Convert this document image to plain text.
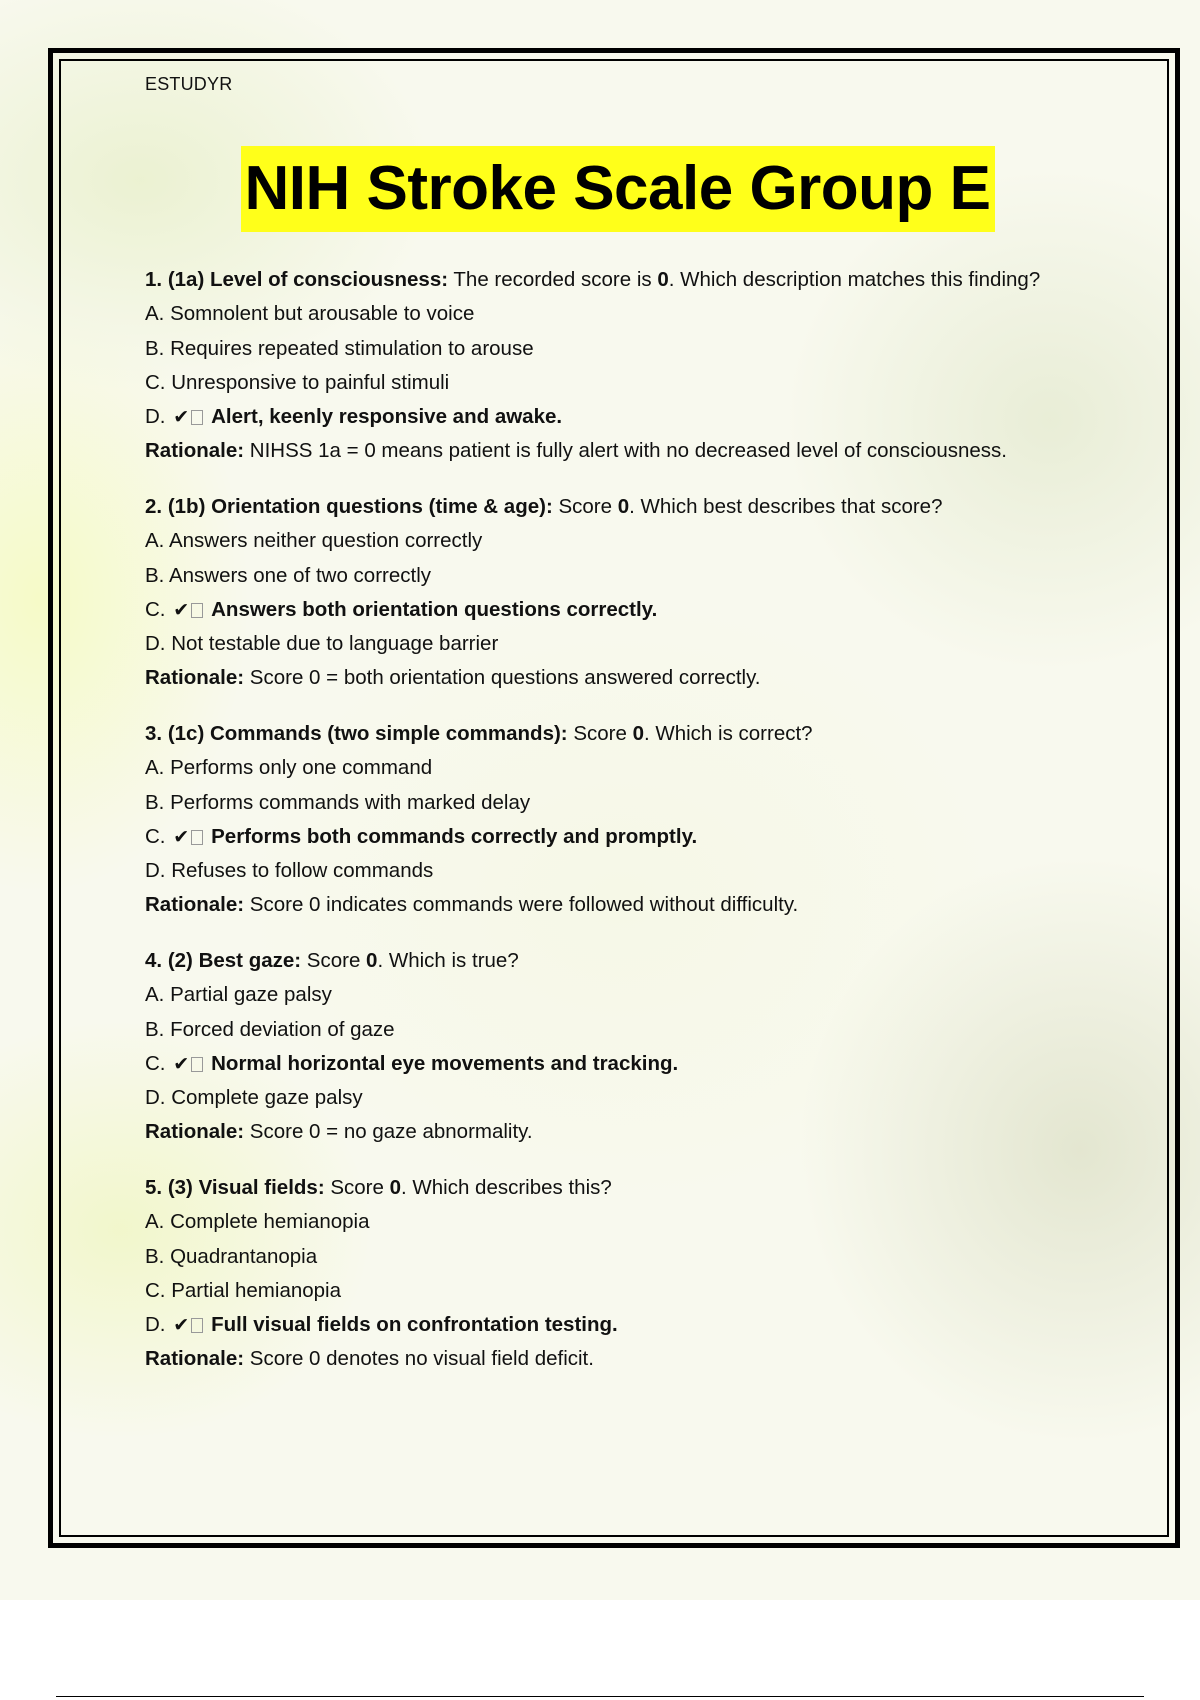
ESTUDYR
NIH Stroke Scale Group E
1. (1a) Level of consciousness: The recorded score is 0. Which description matches this finding?
A. Somnolent but arousable to voice
B. Requires repeated stimulation to arouse
C. Unresponsive to painful stimuli
D. ✔ Alert, keenly responsive and awake.
Rationale: NIHSS 1a = 0 means patient is fully alert with no decreased level of consciousness.
2. (1b) Orientation questions (time & age): Score 0. Which best describes that score?
A. Answers neither question correctly
B. Answers one of two correctly
C. ✔ Answers both orientation questions correctly.
D. Not testable due to language barrier
Rationale: Score 0 = both orientation questions answered correctly.
3. (1c) Commands (two simple commands): Score 0. Which is correct?
A. Performs only one command
B. Performs commands with marked delay
C. ✔ Performs both commands correctly and promptly.
D. Refuses to follow commands
Rationale: Score 0 indicates commands were followed without difficulty.
4. (2) Best gaze: Score 0. Which is true?
A. Partial gaze palsy
B. Forced deviation of gaze
C. ✔ Normal horizontal eye movements and tracking.
D. Complete gaze palsy
Rationale: Score 0 = no gaze abnormality.
5. (3) Visual fields: Score 0. Which describes this?
A. Complete hemianopia
B. Quadrantanopia
C. Partial hemianopia
D. ✔ Full visual fields on confrontation testing.
Rationale: Score 0 denotes no visual field deficit.
